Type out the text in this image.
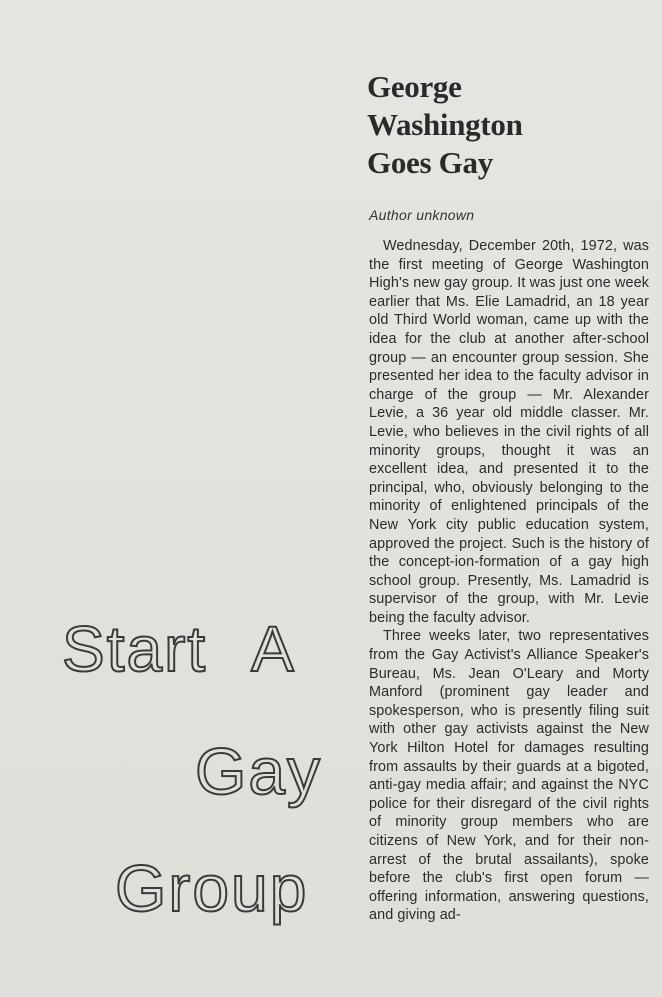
George
Washington
Goes Gay
Author unknown

Wednesday, December 20th, 1972, was the first meeting of George Washington High's new gay group. It was just one week earlier that Ms. Elie Lamadrid, an 18 year old Third World woman, came up with the idea for the club at another after-school group — an encounter group session. She presented her idea to the faculty advisor in charge of the group — Mr. Alexander Levie, a 36 year old middle classer. Mr. Levie, who believes in the civil rights of all minority groups, thought it was an excellent idea, and presented it to the principal, who, obviously belonging to the minority of enlightened principals of the New York city public education system, approved the project. Such is the history of the concept-ion-formation of a gay high school group. Presently, Ms. Lamadrid is supervisor of the group, with Mr. Levie being the faculty advisor.

Three weeks later, two representatives from the Gay Activist's Alliance Speaker's Bureau, Ms. Jean O'Leary and Morty Manford (prominent gay leader and spokesperson, who is presently filing suit with other gay activists against the New York Hilton Hotel for damages resulting from assaults by their guards at a bigoted, anti-gay media affair; and against the NYC police for their disregard of the civil rights of minority group members who are citizens of New York, and for their non-arrest of the brutal assailants), spoke before the club's first open forum — offering information, answering questions, and giving ad-

Start A
Gay
Group
